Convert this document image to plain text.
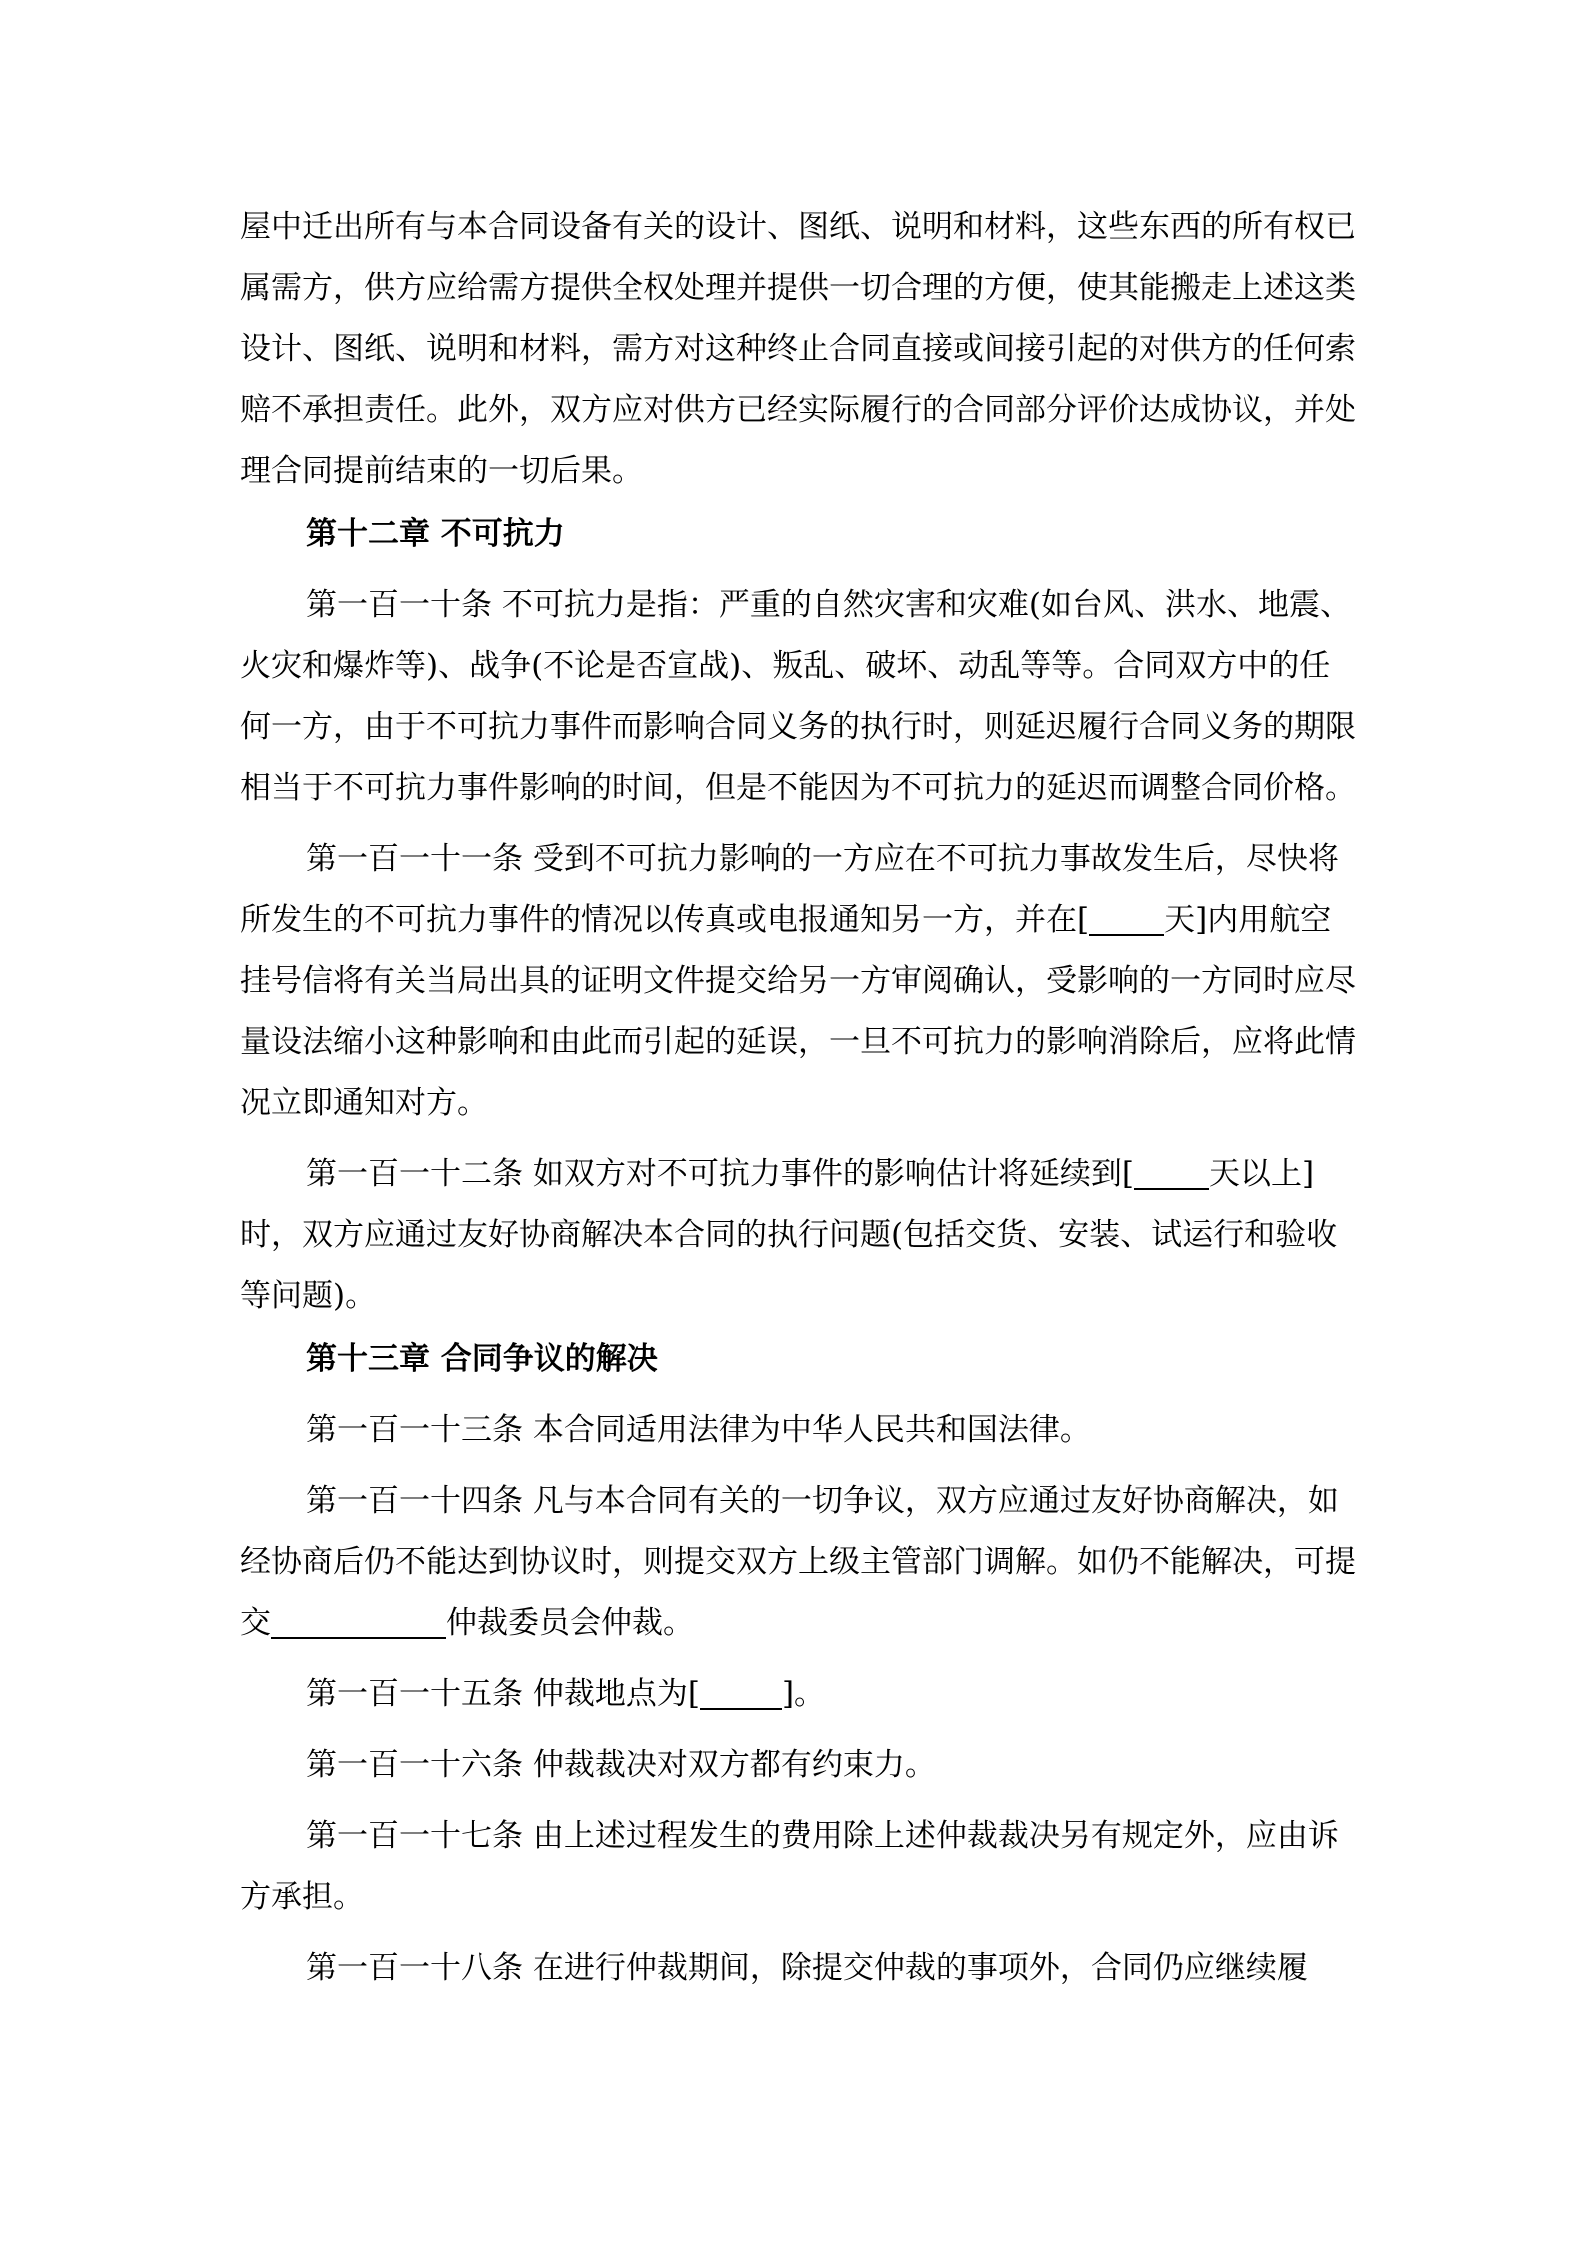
屋中迁出所有与本合同设备有关的设计、图纸、说明和材料，这些东西的所有权已属需方，供方应给需方提供全权处理并提供一切合理的方便，使其能搬走上述这类设计、图纸、说明和材料，需方对这种终止合同直接或间接引起的对供方的任何索赔不承担责任。此外，双方应对供方已经实际履行的合同部分评价达成协议，并处理合同提前结束的一切后果。

第十二章 不可抗力

第一百一十条 不可抗力是指：严重的自然灾害和灾难(如台风、洪水、地震、火灾和爆炸等)、战争(不论是否宣战)、叛乱、破坏、动乱等等。合同双方中的任何一方，由于不可抗力事件而影响合同义务的执行时，则延迟履行合同义务的期限相当于不可抗力事件影响的时间，但是不能因为不可抗力的延迟而调整合同价格。

第一百一十一条 受到不可抗力影响的一方应在不可抗力事故发生后，尽快将所发生的不可抗力事件的情况以传真或电报通知另一方，并在[ 天]内用航空挂号信将有关当局出具的证明文件提交给另一方审阅确认，受影响的一方同时应尽量设法缩小这种影响和由此而引起的延误，一旦不可抗力的影响消除后，应将此情况立即通知对方。

第一百一十二条 如双方对不可抗力事件的影响估计将延续到[ 天以上]时，双方应通过友好协商解决本合同的执行问题(包括交货、安装、试运行和验收等问题)。

第十三章 合同争议的解决

第一百一十三条 本合同适用法律为中华人民共和国法律。

第一百一十四条 凡与本合同有关的一切争议，双方应通过友好协商解决，如经协商后仍不能达到协议时，则提交双方上级主管部门调解。如仍不能解决，可提交	仲裁委员会仲裁。

第一百一十五条 仲裁地点为[	]。

第一百一十六条 仲裁裁决对双方都有约束力。

第一百一十七条 由上述过程发生的费用除上述仲裁裁决另有规定外，应由诉方承担。

第一百一十八条 在进行仲裁期间，除提交仲裁的事项外，合同仍应继续履
